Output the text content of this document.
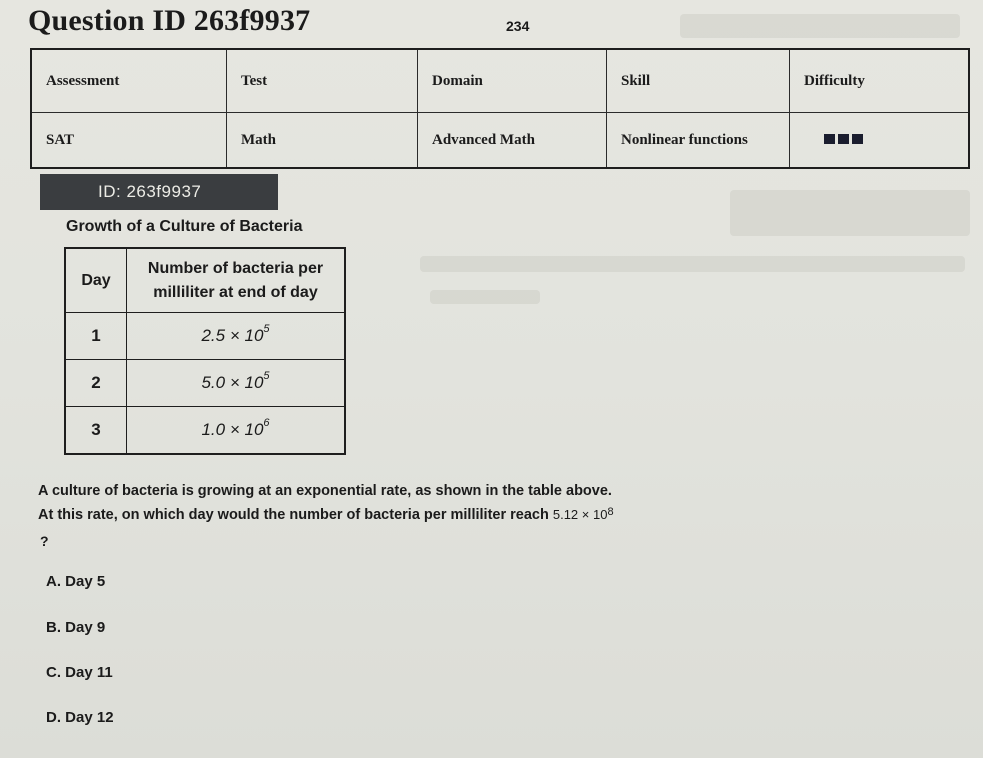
Question ID 263f9937	234
Assessment	Test	Domain	Skill	Difficulty
SAT	Math	Advanced Math	Nonlinear functions	
ID: 263f9937
Growth of a Culture of Bacteria
Day	Number of bacteria per
milliliter at end of day
1	$2.5 \times 10^5$
2	$5.0 \times 10^5$
3	$1.0 \times 10^6$
A culture of bacteria is growing at an exponential rate, as shown in the table above.
At this rate, on which day would the number of bacteria per milliliter reach $5.12 \times 10^8$
?
A. Day 5
B. Day 9
C. Day 11
D. Day 12
